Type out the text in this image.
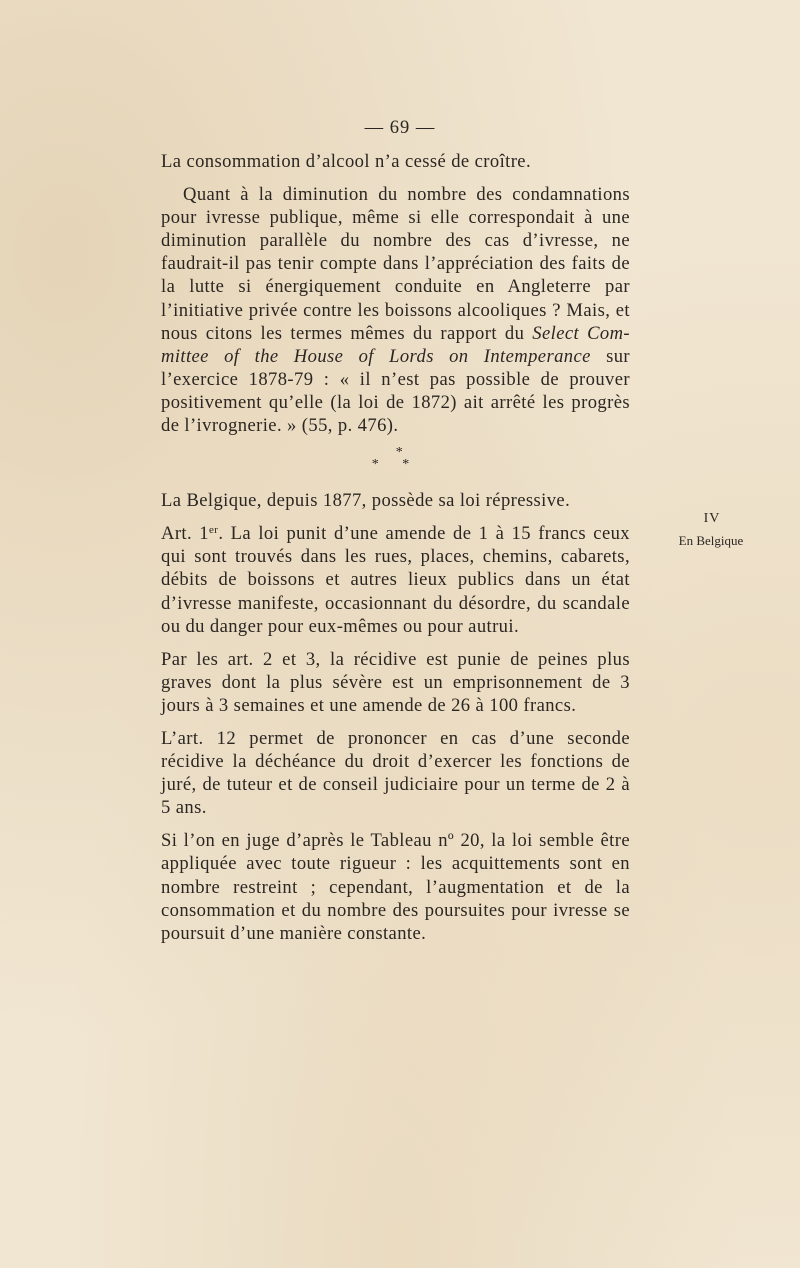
— 69 —

La consommation d’alcool n’a cessé de croître.

Quant à la diminution du nombre des condamnations pour ivresse publique, même si elle correspondait à une diminution parallèle du nombre des cas d’ivresse, ne faudrait-il pas tenir compte dans l’appréciation des faits de la lutte si énergiquement conduite en Angleterre par l’initiative privée contre les boissons alcooliques ? Mais, et nous citons les termes mêmes du rapport du Select Com-mittee of the House of Lords on Intemperance sur l’exercice 1878-79 : « il n’est pas possible de prouver positivement qu’elle (la loi de 1872) ait arrêté les progrès de l’ivrognerie. » (55, p. 476).

*
* *

La Belgique, depuis 1877, possède sa loi répressive.

Art. 1er. La loi punit d’une amende de 1 à 15 francs ceux qui sont trouvés dans les rues, places, chemins, cabarets, débits de boissons et autres lieux publics dans un état d’ivresse manifeste, occasionnant du désordre, du scandale ou du danger pour eux-mêmes ou pour autrui.

Par les art. 2 et 3, la récidive est punie de peines plus graves dont la plus sévère est un emprisonnement de 3 jours à 3 semaines et une amende de 26 à 100 francs.

L’art. 12 permet de prononcer en cas d’une seconde récidive la déchéance du droit d’exercer les fonctions de juré, de tuteur et de conseil judiciaire pour un terme de 2 à 5 ans.

Si l’on en juge d’après le Tableau nº 20, la loi semble être appliquée avec toute rigueur : les acquittements sont en nombre restreint ; cependant, l’augmentation et de la consommation et du nombre des poursuites pour ivresse se poursuit d’une manière constante.

IV
En Belgique
